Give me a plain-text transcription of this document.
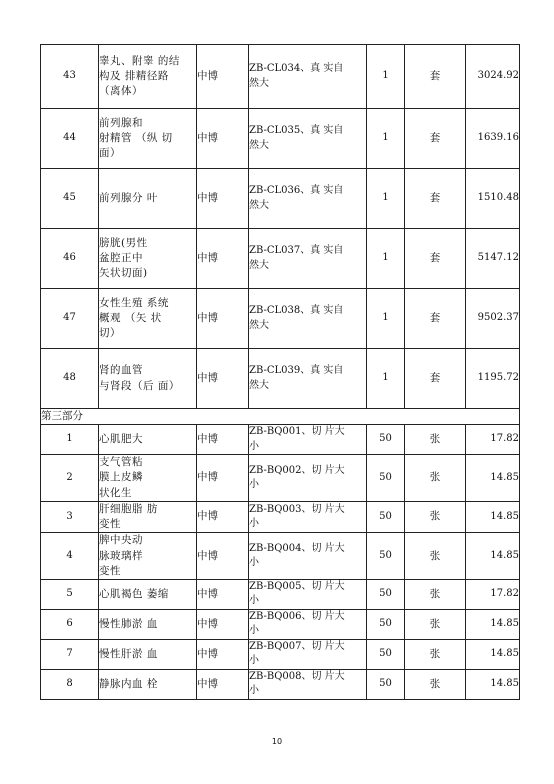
43	睾丸、附睾 的结
构及 排精径路
（离体）	中博	ZB-CL034、真 实自
然大	1	套	3024.92
44	前列腺和
射精管 （纵 切
面）	中博	ZB-CL035、真 实自
然大	1	套	1639.16
45	前列腺分 叶	中博	ZB-CL036、真 实自
然大	1	套	1510.48
46	膀胱(男性
盆腔正中
矢状切面)	中博	ZB-CL037、真 实自
然大	1	套	5147.12
47	女性生殖 系统
概观 （矢 状
切）	中博	ZB-CL038、真 实自
然大	1	套	9502.37
48	肾的血管
与肾段（后 面）	中博	ZB-CL039、真 实自
然大	1	套	1195.72
第三部分						
1	心肌肥大	中博	ZB-BQ001、切 片大
小	50	张	17.82
2	支气管粘
膜上皮鳞
状化生	中博	ZB-BQ002、切 片大
小	50	张	14.85
3	肝细胞脂 肪
变性	中博	ZB-BQ003、切 片大
小	50	张	14.85
4	脾中央动
脉玻璃样
变性	中博	ZB-BQ004、切 片大
小	50	张	14.85
5	心肌褐色 萎缩	中博	ZB-BQ005、切 片大
小	50	张	17.82
6	慢性肺淤 血	中博	ZB-BQ006、切 片大
小	50	张	14.85
7	慢性肝淤 血	中博	ZB-BQ007、切 片大
小	50	张	14.85
8	静脉内血 栓	中博	ZB-BQ008、切 片大
小	50	张	14.85
10
